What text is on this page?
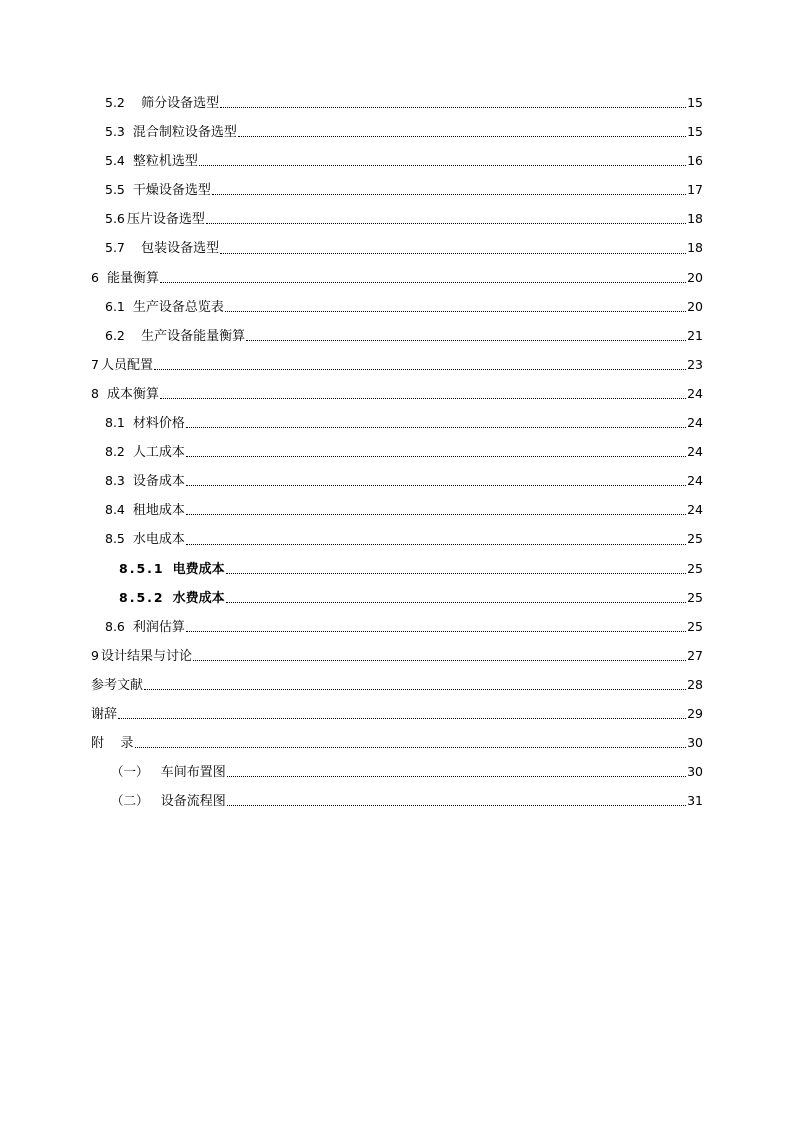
5.2 筛分设备选型	15
5.3 混合制粒设备选型	15
5.4 整粒机选型	16
5.5 干燥设备选型	17
5.6 压片设备选型	18
5.7 包装设备选型	18
6 能量衡算	20
6.1 生产设备总览表	20
6.2 生产设备能量衡算	21
7 人员配置	23
8 成本衡算	24
8.1 材料价格	24
8.2 人工成本	24
8.3 设备成本	24
8.4 租地成本	24
8.5 水电成本	25
8.5.1 电费成本	25
8.5.2 水费成本	25
8.6 利润估算	25
9 设计结果与讨论	27
参考文献	28
谢辞	29
附    录	30
（一） 车间布置图	30
（二） 设备流程图	31
